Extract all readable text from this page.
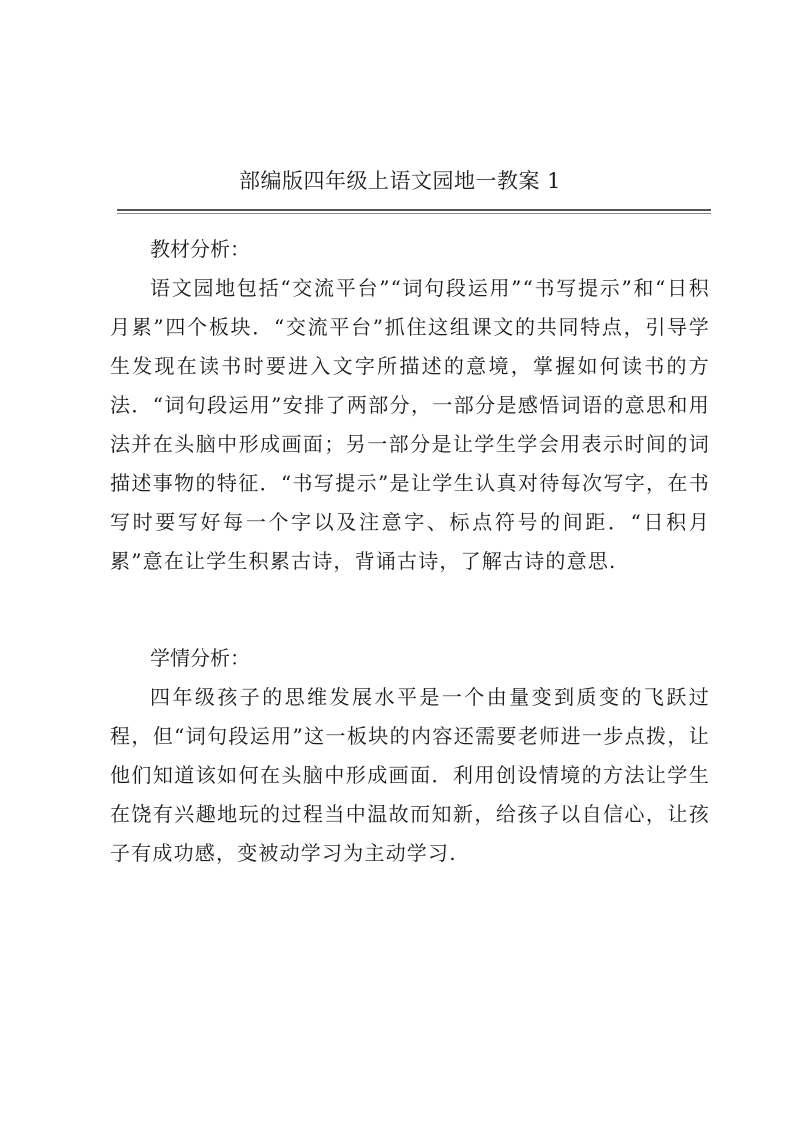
部编版四年级上语文园地一教案 1

教材分析：

语文园地包括“交流平台”“词句段运用”“书写提示”和“日积月累”四个板块．“交流平台”抓住这组课文的共同特点，引导学生发现在读书时要进入文字所描述的意境，掌握如何读书的方法．“词句段运用”安排了两部分，一部分是感悟词语的意思和用法并在头脑中形成画面；另一部分是让学生学会用表示时间的词描述事物的特征．“书写提示”是让学生认真对待每次写字，在书写时要写好每一个字以及注意字、标点符号的间距．“日积月累”意在让学生积累古诗，背诵古诗，了解古诗的意思.

学情分析：

四年级孩子的思维发展水平是一个由量变到质变的飞跃过程，但“词句段运用”这一板块的内容还需要老师进一步点拨，让他们知道该如何在头脑中形成画面．利用创设情境的方法让学生在饶有兴趣地玩的过程当中温故而知新，给孩子以自信心，让孩子有成功感，变被动学习为主动学习.
